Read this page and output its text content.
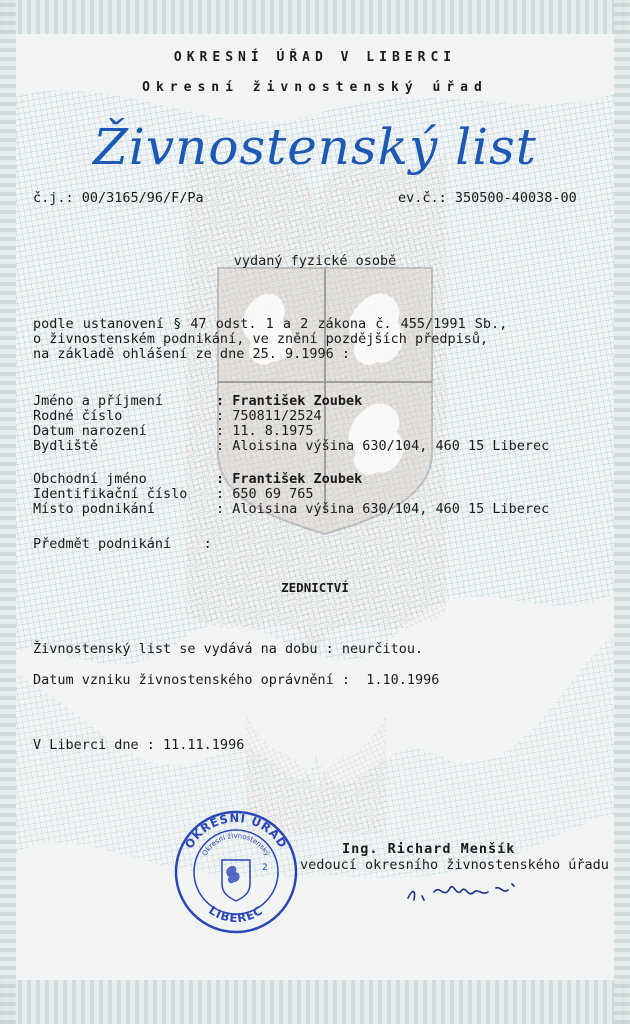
OKRESNÍ ÚŘAD V LIBERCI
Okresní živnostenský úřad
Živnostenský list
č.j.: 00/3165/96/F/Pa	ev.č.: 350500-40038-00
vydaný fyzické osobě
podle ustanovení § 47 odst. 1 a 2 zákona č. 455/1991 Sb.,
o živnostenském podnikání, ve znění pozdějších předpisů,
na základě ohlášení ze dne 25. 9.1996 :
Jméno a příjmení	: František Zoubek
Rodné číslo	: 750811/2524
Datum narození	: 11. 8.1975
Bydliště	: Aloisina výšina 630/104, 460 15 Liberec
Obchodní jméno	: František Zoubek
Identifikační číslo : 650 69 765
Místo podnikání	: Aloisina výšina 630/104, 460 15 Liberec
Předmět podnikání    :
ZEDNICTVÍ
Živnostenský list se vydává na dobu : neurčitou.
Datum vzniku živnostenského oprávnění :  1.10.1996
V Liberci dne : 11.11.1996
OKRESNÍ ÚŘAD
LIBEREC
Okresní živnostenský
2
Ing. Richard Menšík
vedoucí okresního živnostenského úřadu
